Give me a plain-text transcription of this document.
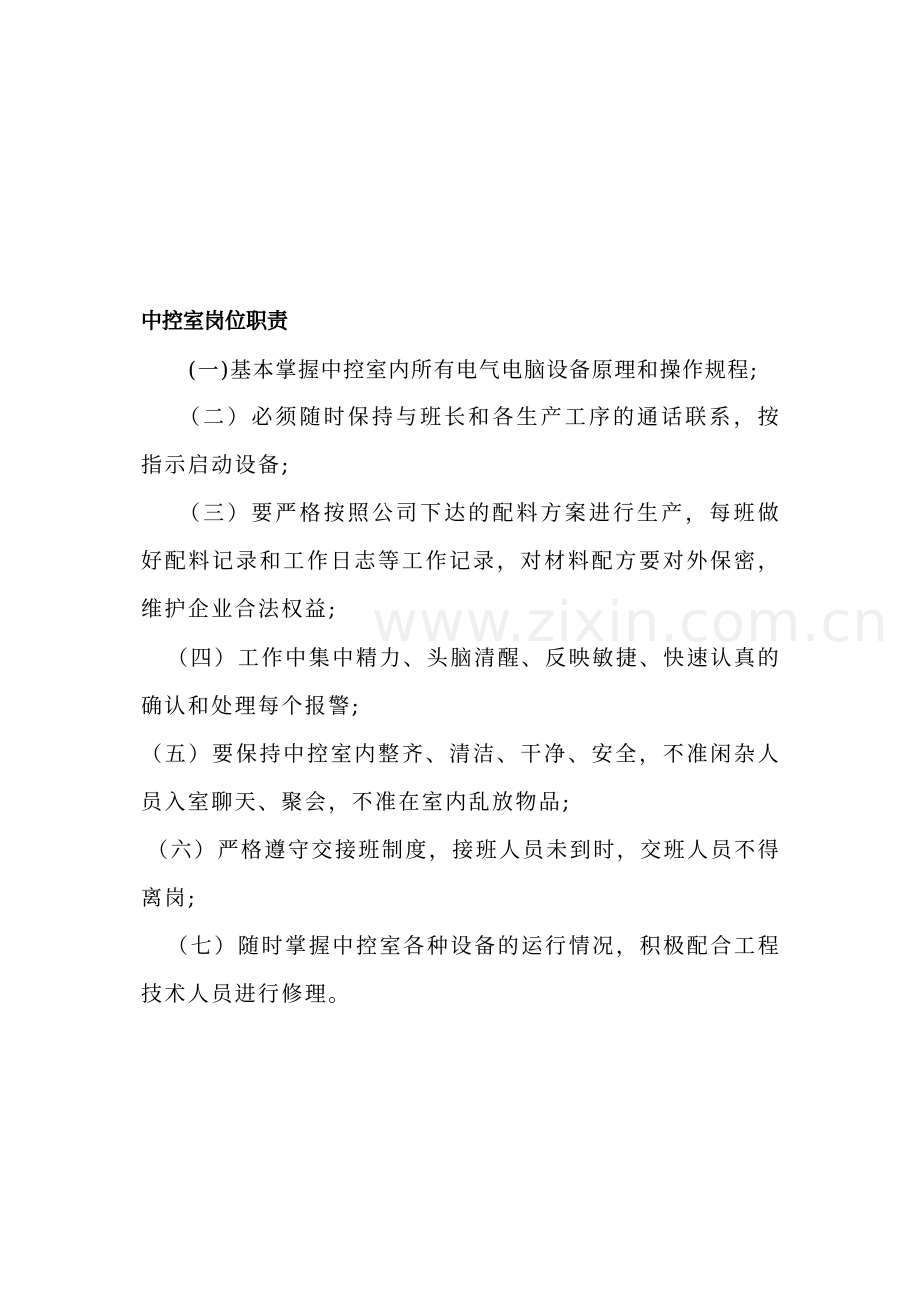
www.zixin.com.cn
中控室岗位职责
(一)基本掌握中控室内所有电气电脑设备原理和操作规程;
（二）必须随时保持与班长和各生产工序的通话联系，按指示启动设备;
（三）要严格按照公司下达的配料方案进行生产，每班做好配料记录和工作日志等工作记录，对材料配方要对外保密，维护企业合法权益;
（四）工作中集中精力、头脑清醒、反映敏捷、快速认真的确认和处理每个报警;
（五）要保持中控室内整齐、清洁、干净、安全，不准闲杂人员入室聊天、聚会，不准在室内乱放物品;
（六）严格遵守交接班制度，接班人员未到时，交班人员不得离岗;
（七）随时掌握中控室各种设备的运行情况，积极配合工程技术人员进行修理。
